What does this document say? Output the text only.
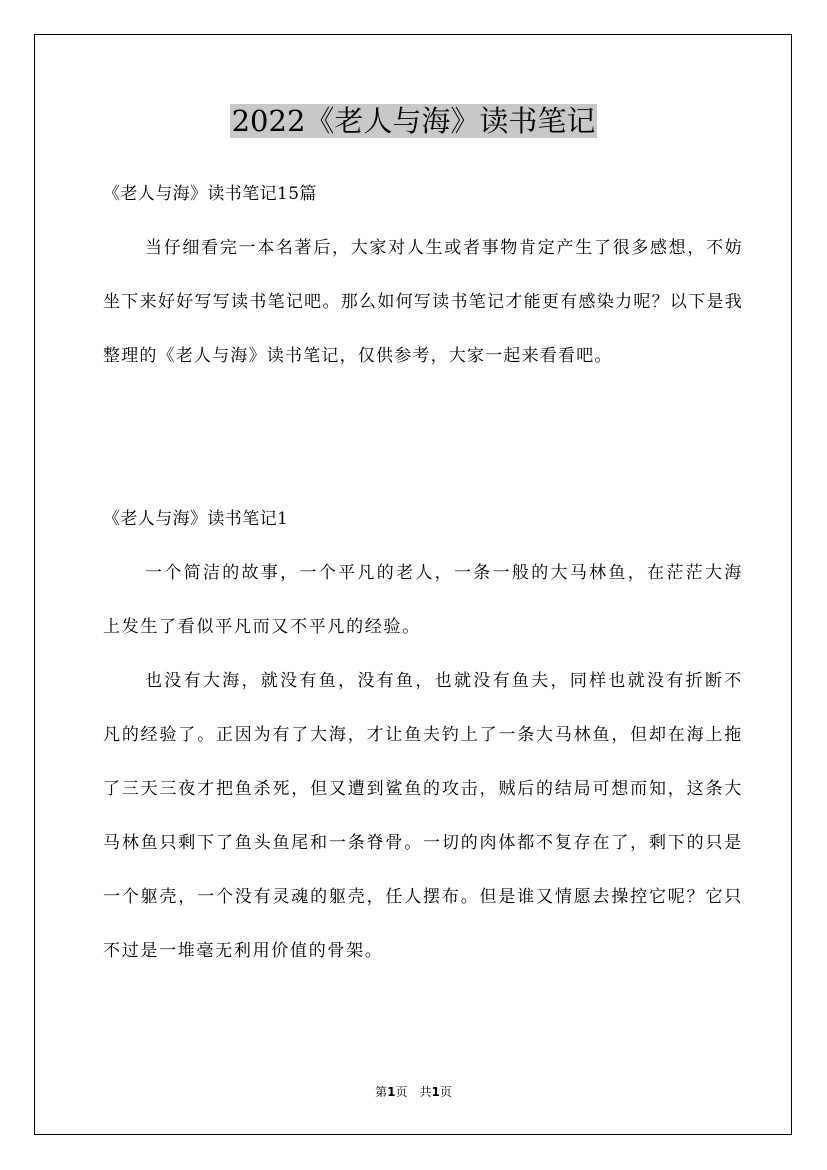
2022《老人与海》读书笔记

《老人与海》读书笔记15篇

当仔细看完一本名著后，大家对人生或者事物肯定产生了很多感想，不妨坐下来好好写写读书笔记吧。那么如何写读书笔记才能更有感染力呢？以下是我整理的《老人与海》读书笔记，仅供参考，大家一起来看看吧。

《老人与海》读书笔记1

一个简洁的故事，一个平凡的老人，一条一般的大马林鱼，在茫茫大海上发生了看似平凡而又不平凡的经验。

也没有大海，就没有鱼，没有鱼，也就没有鱼夫，同样也就没有折断不凡的经验了。正因为有了大海，才让鱼夫钓上了一条大马林鱼，但却在海上拖了三天三夜才把鱼杀死，但又遭到鲨鱼的攻击，贼后的结局可想而知，这条大马林鱼只剩下了鱼头鱼尾和一条脊骨。一切的肉体都不复存在了，剩下的只是一个躯壳，一个没有灵魂的躯壳，任人摆布。但是谁又情愿去操控它呢？它只不过是一堆毫无利用价值的骨架。

第1页　共1页
